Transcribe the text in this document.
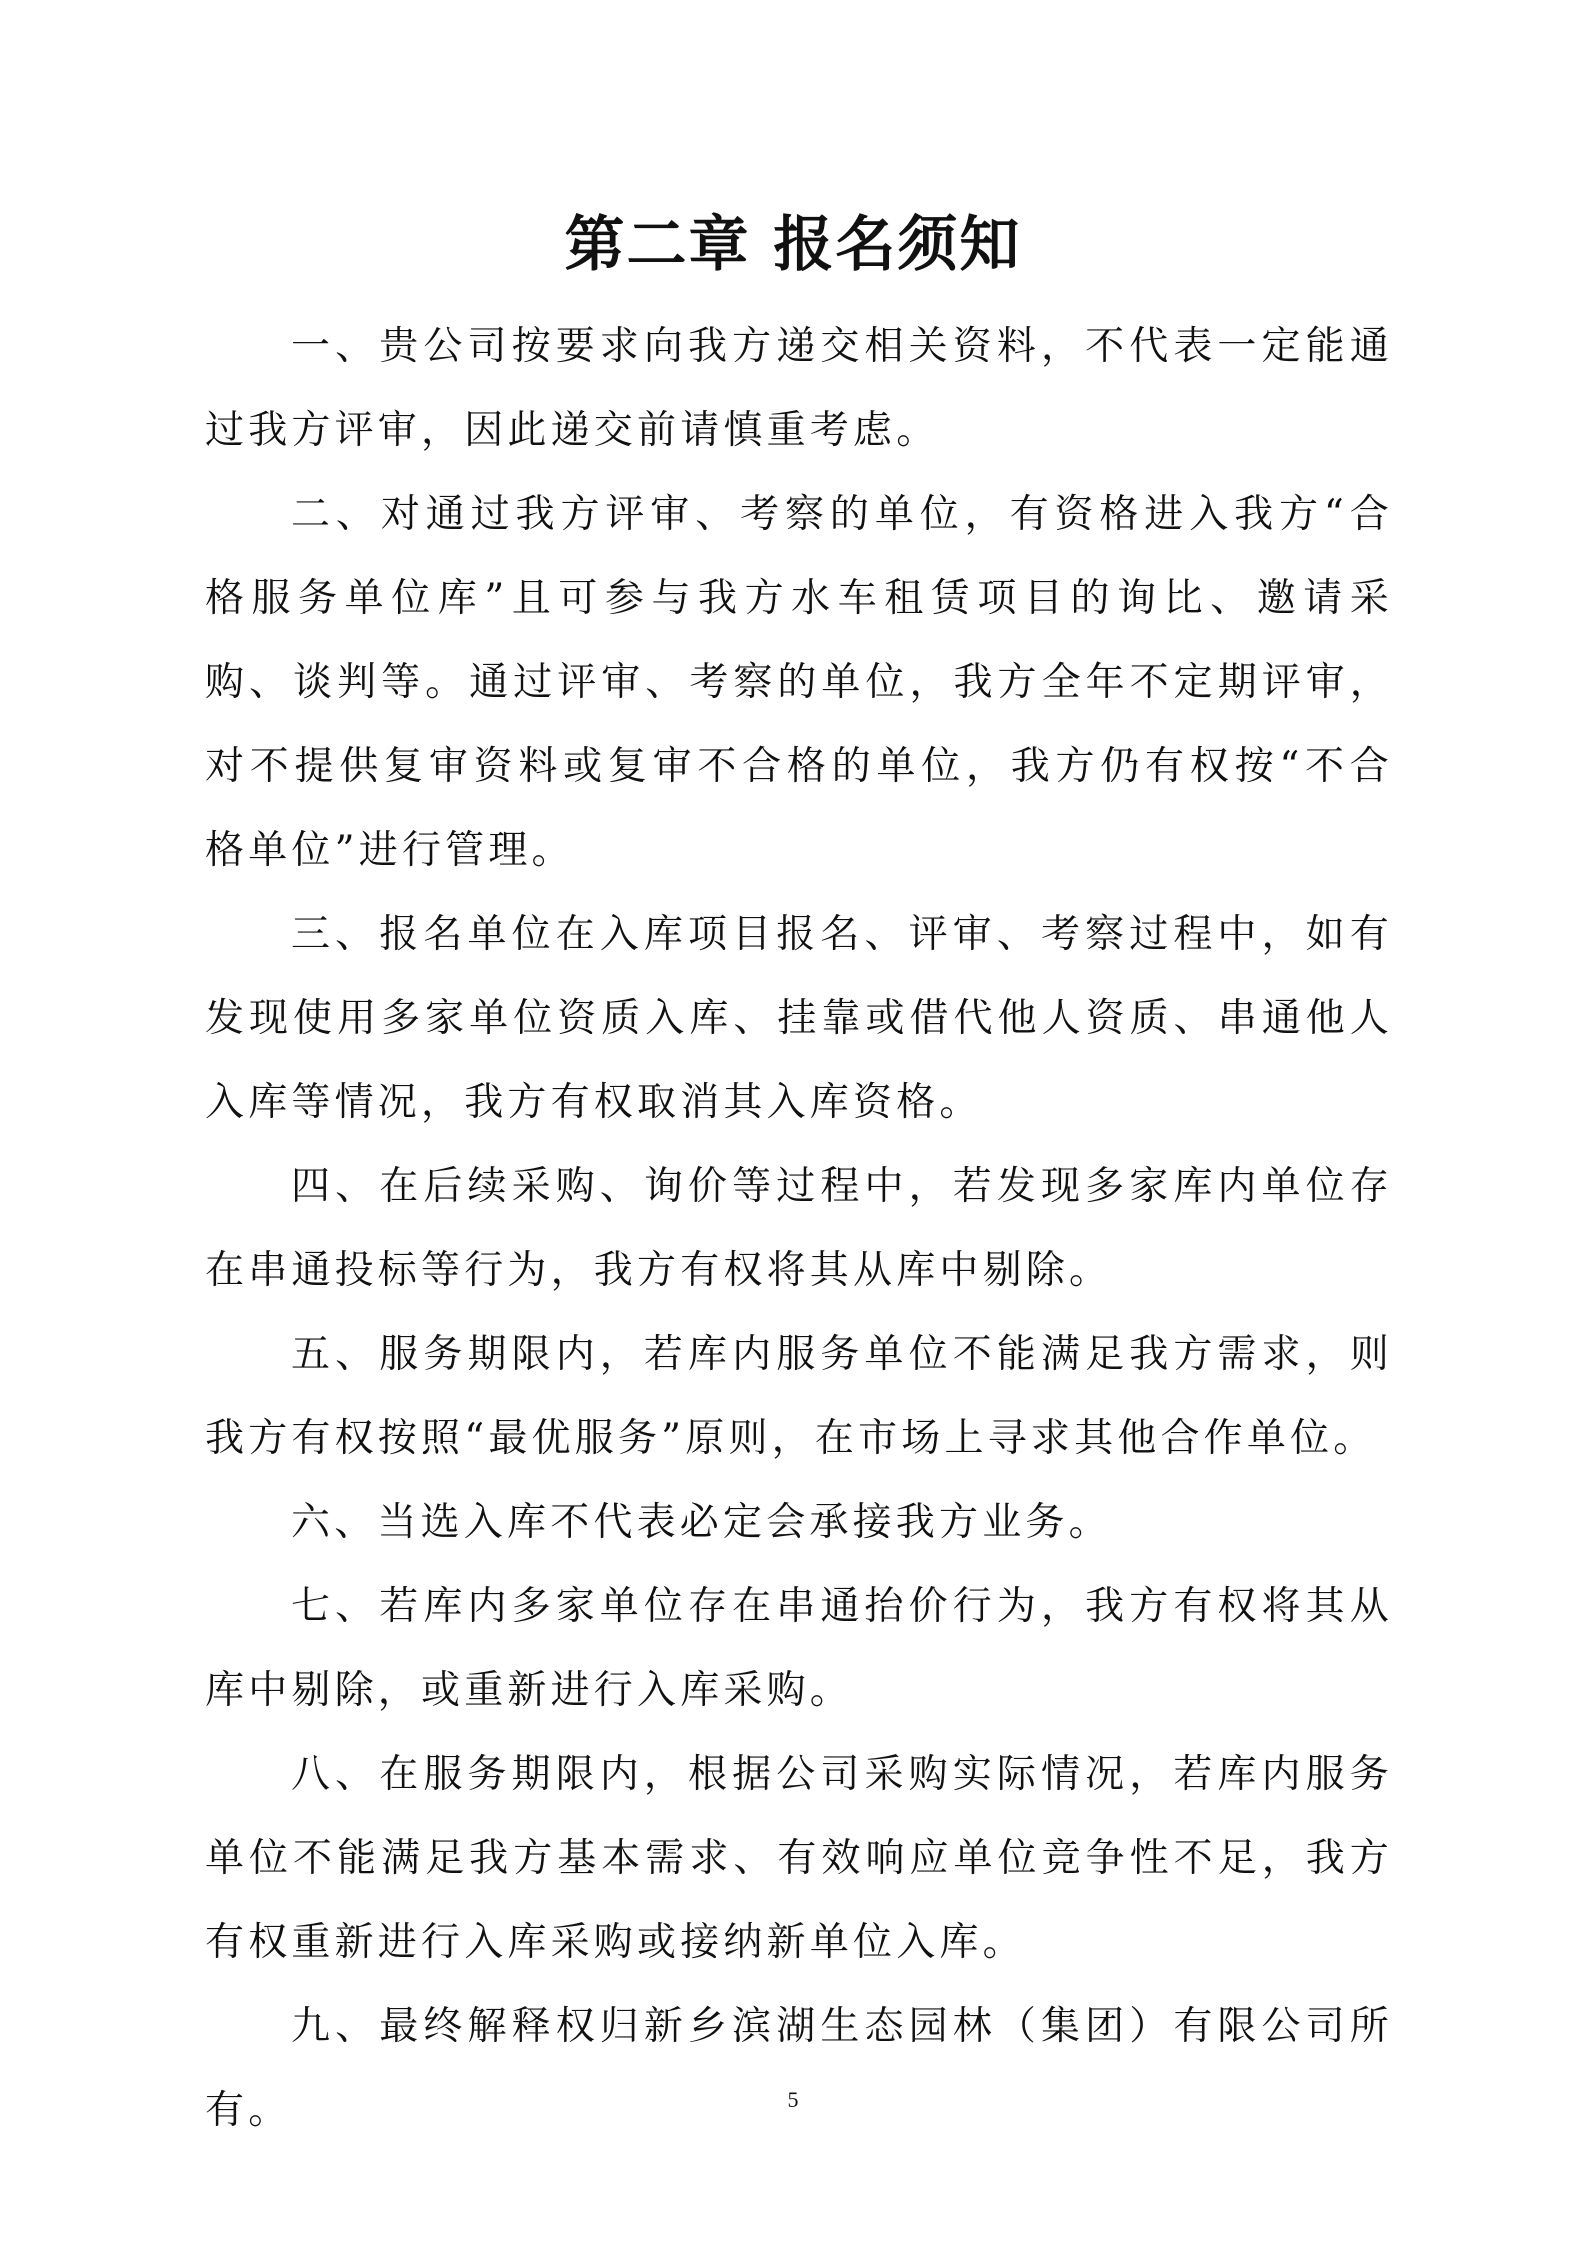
第二章 报名须知

一、贵公司按要求向我方递交相关资料，不代表一定能通过我方评审，因此递交前请慎重考虑。

二、对通过我方评审、考察的单位，有资格进入我方“合格服务单位库”且可参与我方水车租赁项目的询比、邀请采购、谈判等。通过评审、考察的单位，我方全年不定期评审，对不提供复审资料或复审不合格的单位，我方仍有权按“不合格单位”进行管理。

三、报名单位在入库项目报名、评审、考察过程中，如有发现使用多家单位资质入库、挂靠或借代他人资质、串通他人入库等情况，我方有权取消其入库资格。

四、在后续采购、询价等过程中，若发现多家库内单位存在串通投标等行为，我方有权将其从库中剔除。

五、服务期限内，若库内服务单位不能满足我方需求，则我方有权按照“最优服务”原则，在市场上寻求其他合作单位。

六、当选入库不代表必定会承接我方业务。

七、若库内多家单位存在串通抬价行为，我方有权将其从库中剔除，或重新进行入库采购。

八、在服务期限内，根据公司采购实际情况，若库内服务单位不能满足我方基本需求、有效响应单位竞争性不足，我方有权重新进行入库采购或接纳新单位入库。

九、最终解释权归新乡滨湖生态园林（集团）有限公司所有。	5
